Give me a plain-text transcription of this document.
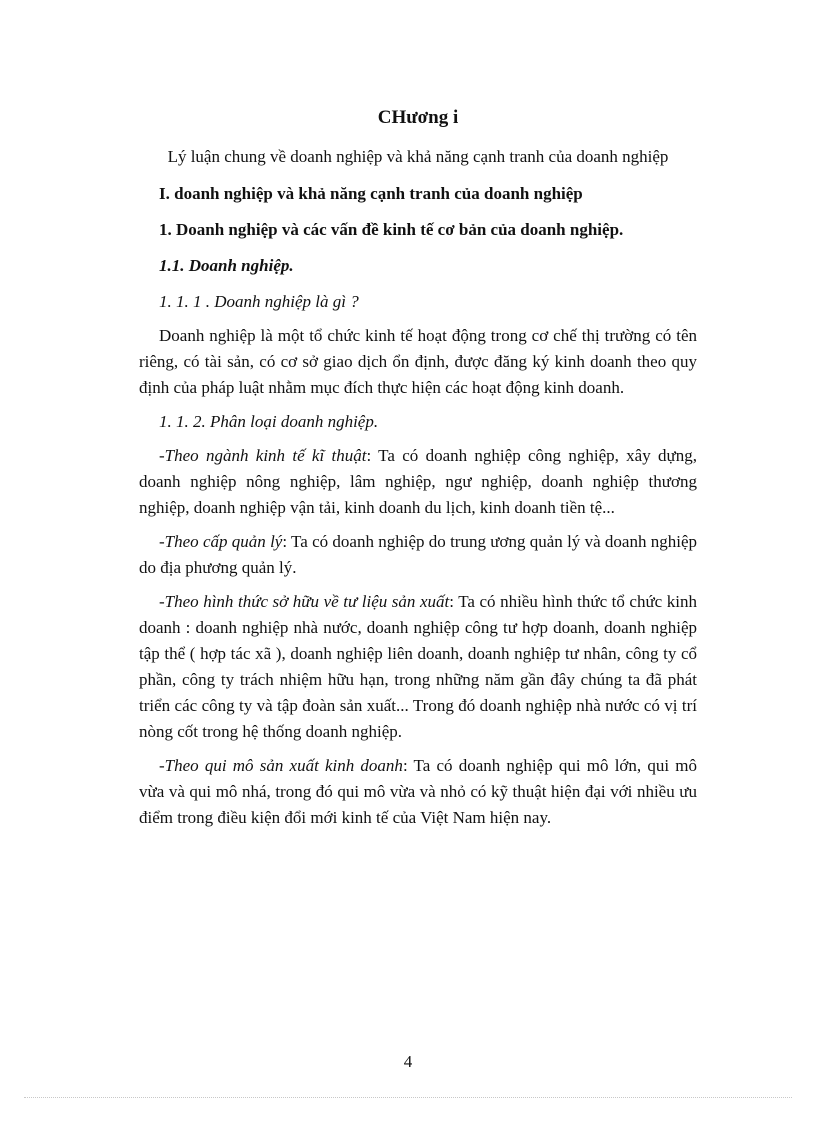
CHương i
Lý luận chung về doanh nghiệp và khả năng cạnh tranh của doanh nghiệp
I. doanh nghiệp và khả năng cạnh tranh của doanh nghiệp
1. Doanh nghiệp và các vấn đề kinh tế cơ bản của doanh nghiệp.
1.1. Doanh nghiệp.
1. 1. 1 . Doanh nghiệp là gì ?

Doanh nghiệp là một tổ chức kinh tế hoạt động trong cơ chế thị trường có tên riêng, có tài sản, có cơ sở giao dịch ổn định, được đăng ký kinh doanh theo quy định của pháp luật nhằm mục đích thực hiện các hoạt động kinh doanh.

1. 1. 2. Phân loại doanh nghiệp.

-Theo ngành kinh tế kĩ thuật: Ta có doanh nghiệp công nghiệp, xây dựng, doanh nghiệp nông nghiệp, lâm nghiệp, ngư nghiệp, doanh nghiệp thương nghiệp, doanh nghiệp vận tải, kinh doanh du lịch, kinh doanh tiền tệ...

-Theo cấp quản lý: Ta có doanh nghiệp do trung ương quản lý và doanh nghiệp do địa phương quản lý.

-Theo hình thức sở hữu về tư liệu sản xuất: Ta có nhiều hình thức tổ chức kinh doanh : doanh nghiệp nhà nước, doanh nghiệp công tư hợp doanh, doanh nghiệp tập thể ( hợp tác xã ), doanh nghiệp liên doanh, doanh nghiệp tư nhân, công ty cổ phần, công ty trách nhiệm hữu hạn, trong những năm gần đây chúng ta đã phát triển các công ty và tập đoàn sản xuất... Trong đó doanh nghiệp nhà nước có vị trí nòng cốt trong hệ thống doanh nghiệp.

-Theo qui mô sản xuất kinh doanh: Ta có doanh nghiệp qui mô lớn, qui mô vừa và qui mô nhá, trong đó qui mô vừa và nhỏ có kỹ thuật hiện đại với nhiều ưu điểm trong điều kiện đổi mới kinh tế của Việt Nam hiện nay.

4
